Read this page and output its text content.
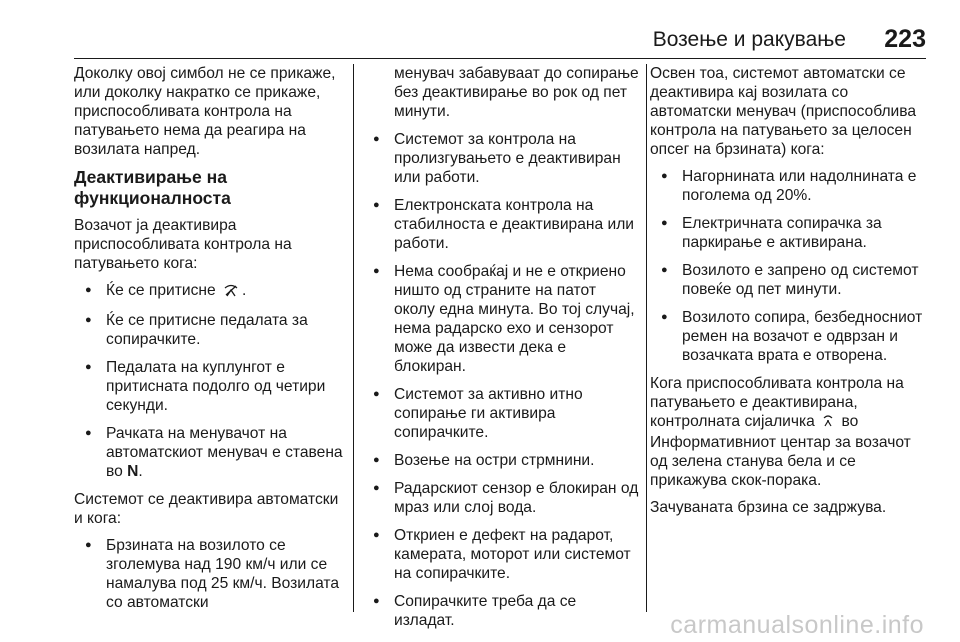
Возење и ракување 223

Доколку овој симбол не се прикаже, или доколку накратко се прикаже, приспособливата контрола на патувањето нема да реагира на возилата напред.

Деактивирање на функционалноста

Возачот ја деактивира приспособливата контрола на патувањето кога:

● Ќе се притисне .
● Ќе се притисне педалата за сопирачките.
● Педалата на куплунгот е притисната подолго од четири секунди.
● Рачката на менувачот на автоматскиот менувач е ставена во N.

Системот се деактивира автоматски и кога:

● Брзината на возилото се зголемува над 190 км/ч или се намалува под 25 км/ч. Возилата со автоматски
менувач забавуваат до сопирање без деактивирање во рок од пет минути.
● Системот за контрола на пролизгувањето е деактивиран или работи.
● Електронската контрола на стабилноста е деактивирана или работи.
● Нема сообраќај и не е откриено ништо од страните на патот околу една минута. Во тој случај, нема радарско ехо и сензорот може да извести дека е блокиран.
● Системот за активно итно сопирање ги активира сопирачките.
● Возење на остри стрмнини.
● Радарскиот сензор е блокиран од мраз или слој вода.
● Откриен е дефект на радарот, камерата, моторот или системот на сопирачките.
● Сопирачките треба да се изладат.

Освен тоа, системот автоматски се деактивира кај возилата со автоматски менувач (приспособлива контрола на патувањето за целосен опсег на брзината) кога:

● Нагорнината или надолнината е поголема од 20%.
● Електричната сопирачка за паркирање е активирана.
● Возилото е запрено од системот повеќе од пет минути.
● Возилото сопира, безбедносниот ремен на возачот е одврзан и возачката врата е отворена.

Кога приспособливата контрола на патувањето е деактивирана, контролната сијаличка во Информативниот центар за возачот од зелена станува бела и се прикажува скок-порака.

Зачуваната брзина се задржува.

carmanualsonline.info
